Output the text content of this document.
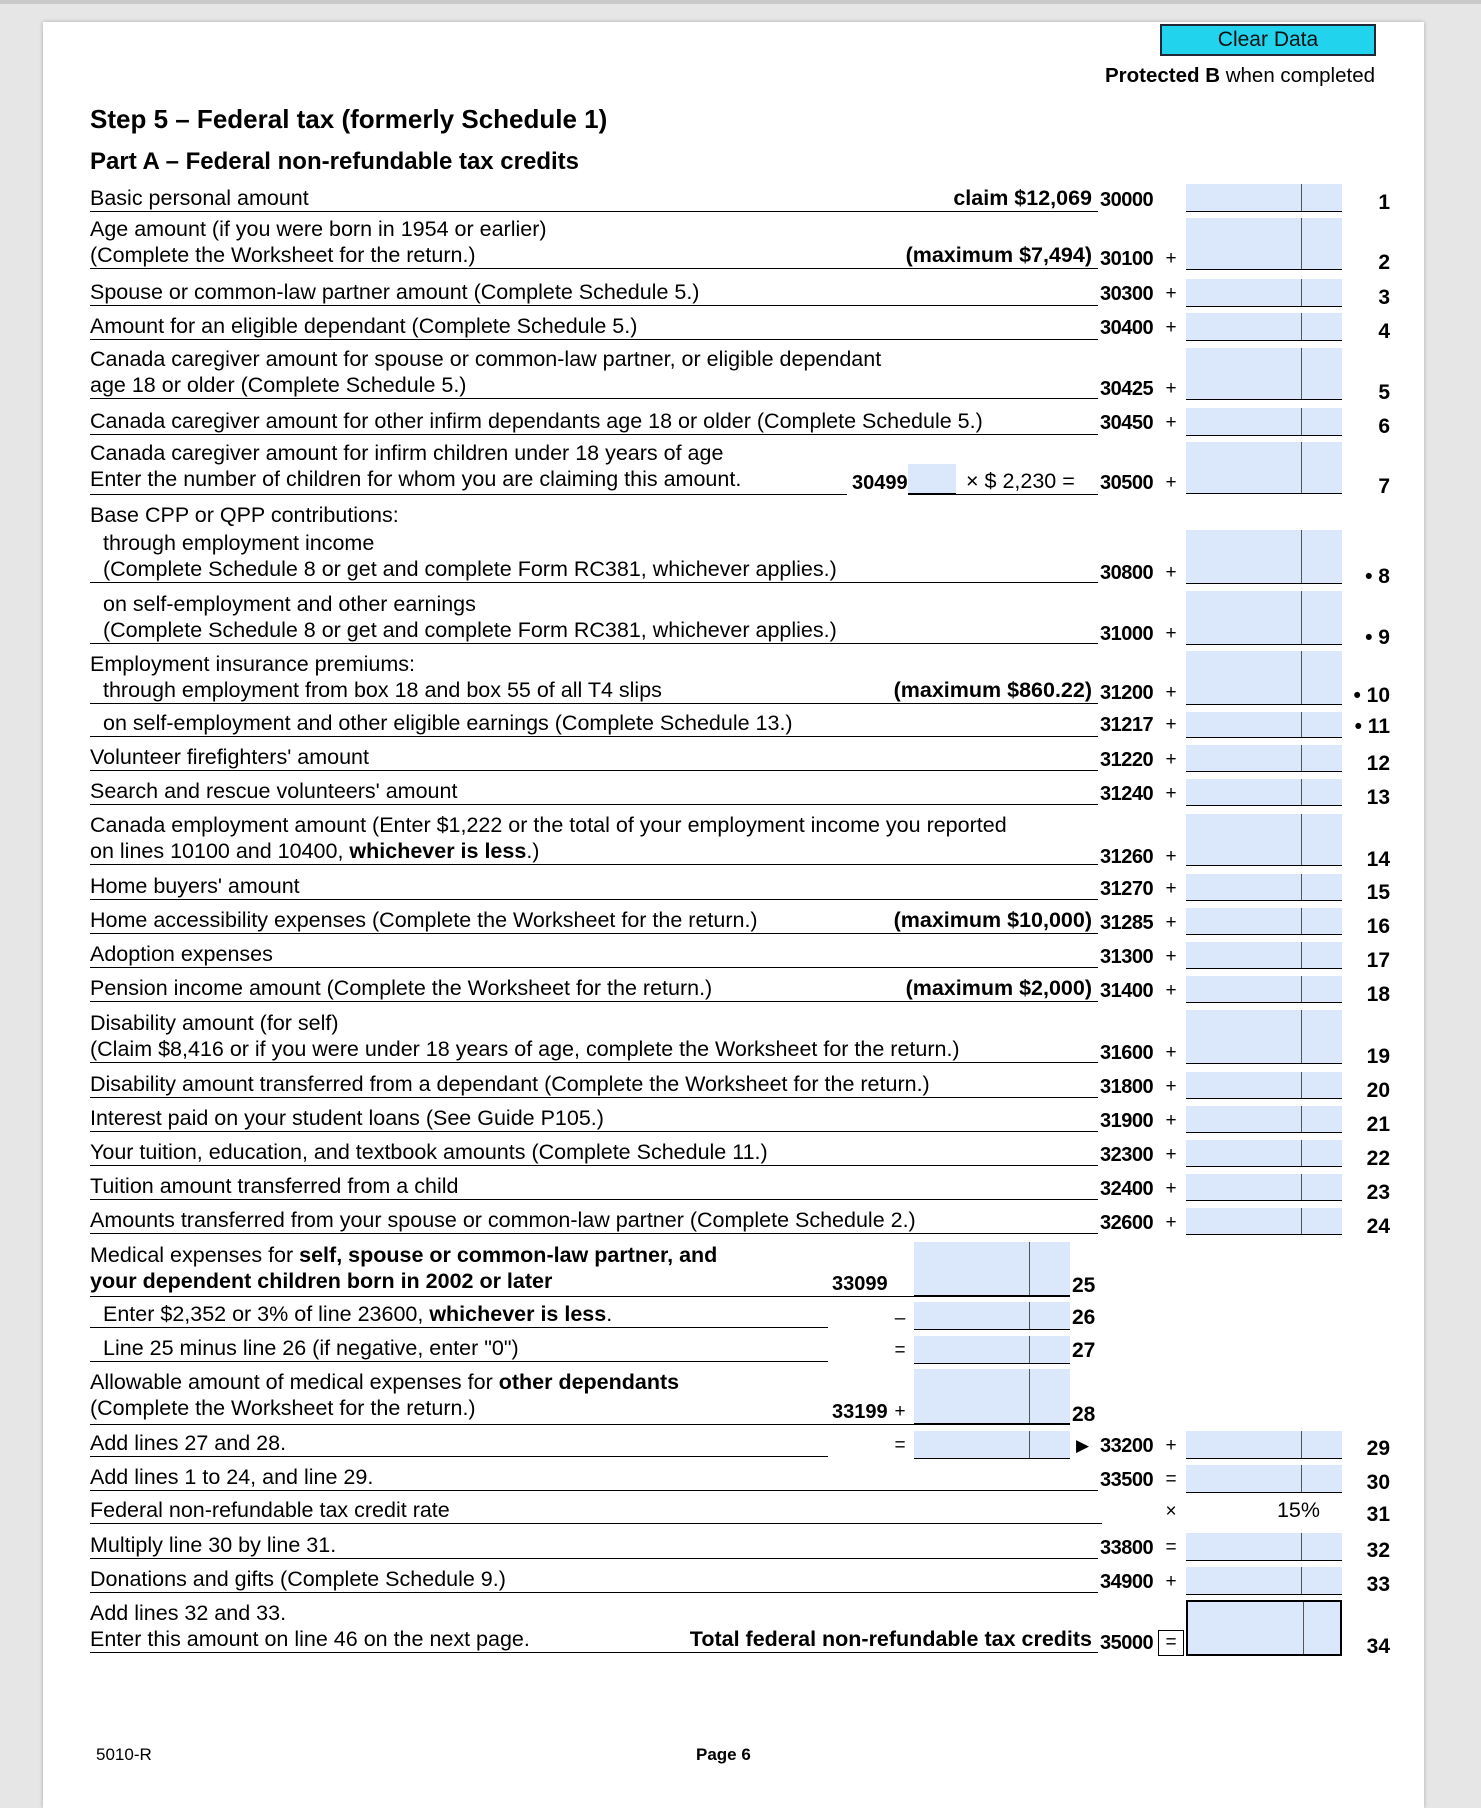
Clear Data
Protected B when completed
Step 5 – Federal tax (formerly Schedule 1)
Part A – Federal non-refundable tax credits
Basic personal amount	claim $12,069 30000	1
Age amount (if you were born in 1954 or earlier)
(Complete the Worksheet for the return.)	(maximum $7,494) 30100 +	2
Spouse or common-law partner amount (Complete Schedule 5.)	30300 +	3
Amount for an eligible dependant (Complete Schedule 5.)	30400 +	4
Canada caregiver amount for spouse or common-law partner, or eligible dependant
age 18 or older (Complete Schedule 5.)	30425 +	5
Canada caregiver amount for other infirm dependants age 18 or older (Complete Schedule 5.)	30450 +	6
Canada caregiver amount for infirm children under 18 years of age
Enter the number of children for whom you are claiming this amount.	30499	× $ 2,230 = 30500 +	7
Base CPP or QPP contributions:
through employment income
(Complete Schedule 8 or get and complete Form RC381, whichever applies.)	30800 +	• 8
on self-employment and other earnings
(Complete Schedule 8 or get and complete Form RC381, whichever applies.)	31000 +	• 9
Employment insurance premiums:
through employment from box 18 and box 55 of all T4 slips	(maximum $860.22) 31200 +	• 10
on self-employment and other eligible earnings (Complete Schedule 13.)	31217 +	• 11
Volunteer firefighters' amount	31220 +	12
Search and rescue volunteers' amount	31240 +	13
Canada employment amount (Enter $1,222 or the total of your employment income you reported
on lines 10100 and 10400, whichever is less.)	31260 +	14
Home buyers' amount	31270 +	15
Home accessibility expenses (Complete the Worksheet for the return.)	(maximum $10,000) 31285 +	16
Adoption expenses	31300 +	17
Pension income amount (Complete the Worksheet for the return.)	(maximum $2,000) 31400 +	18
Disability amount (for self)
(Claim $8,416 or if you were under 18 years of age, complete the Worksheet for the return.)	31600 +	19
Disability amount transferred from a dependant (Complete the Worksheet for the return.)	31800 +	20
Interest paid on your student loans (See Guide P105.)	31900 +	21
Your tuition, education, and textbook amounts (Complete Schedule 11.)	32300 +	22
Tuition amount transferred from a child	32400 +	23
Amounts transferred from your spouse or common-law partner (Complete Schedule 2.)	32600 +	24
Medical expenses for self, spouse or common-law partner, and
your dependent children born in 2002 or later	33099	25
Enter $2,352 or 3% of line 23600, whichever is less.	–	26
Line 25 minus line 26 (if negative, enter "0")	=	27
Allowable amount of medical expenses for other dependants
(Complete the Worksheet for the return.)	33199 +	28
Add lines 27 and 28.	=	▶ 33200 +	29
Add lines 1 to 24, and line 29.	33500 =	30
Federal non-refundable tax credit rate	×	15%	31
Multiply line 30 by line 31.	33800 =	32
Donations and gifts (Complete Schedule 9.)	34900 +	33
Add lines 32 and 33.
Enter this amount on line 46 on the next page.	Total federal non-refundable tax credits 35000 =	34
5010-R	Page 6
